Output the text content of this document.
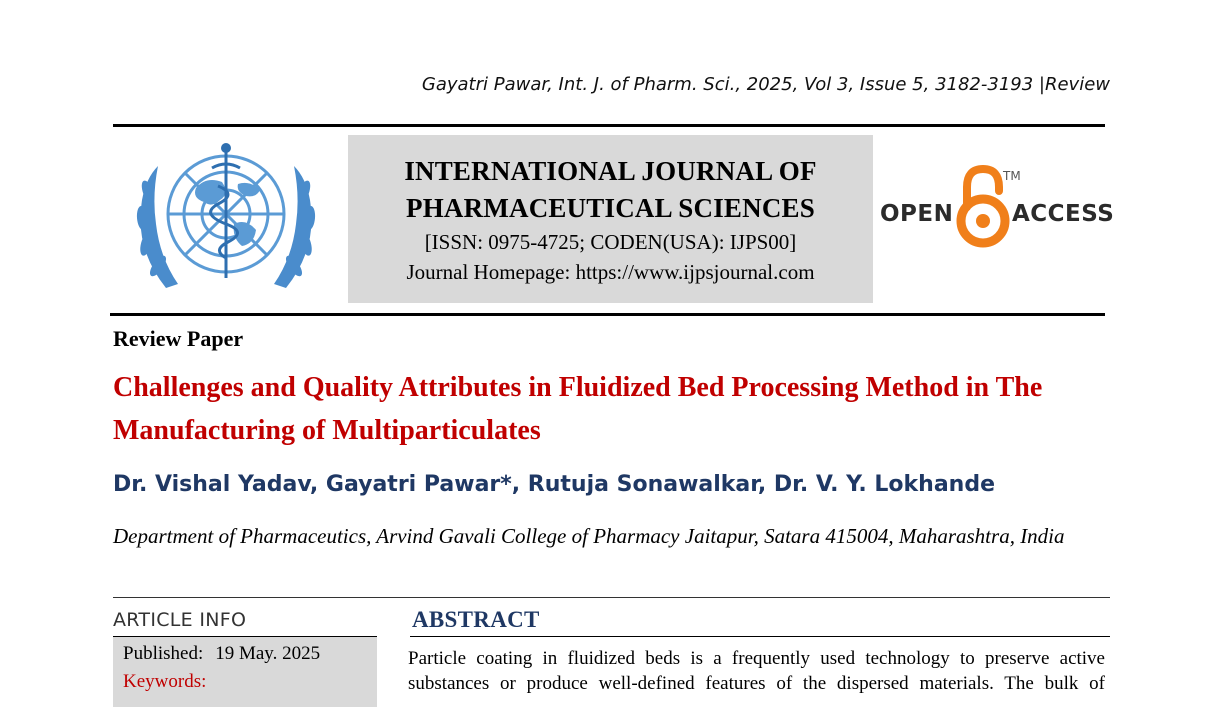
Gayatri Pawar, Int. J. of Pharm. Sci., 2025, Vol 3, Issue 5, 3182-3193 |Review
INTERNATIONAL JOURNAL OF
PHARMACEUTICAL SCIENCES
[ISSN: 0975-4725; CODEN(USA): IJPS00]
Journal Homepage: https://www.ijpsjournal.com
OPEN
TM
ACCESS
Review Paper
Challenges and Quality Attributes in Fluidized Bed Processing Method in The Manufacturing of Multiparticulates
Dr. Vishal Yadav, Gayatri Pawar*, Rutuja Sonawalkar, Dr. V. Y. Lokhande
Department of Pharmaceutics, Arvind Gavali College of Pharmacy Jaitapur, Satara 415004, Maharashtra, India
ARTICLE INFO
Published: 19 May. 2025
Keywords:
ABSTRACT
Particle coating in fluidized beds is a frequently used technology to preserve active substances or produce well-defined features of the dispersed materials. The bulk of
